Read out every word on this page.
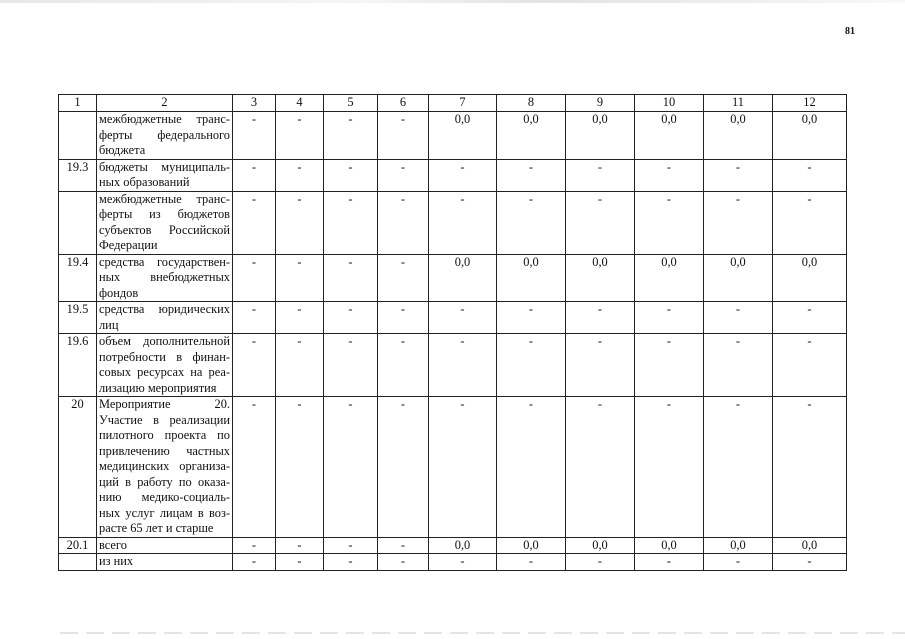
81
1	2	3	4	5	6	7	8	9	10	11	12
	межбюджетные транс-ферты федерального бюджета	-	-	-	-	0,0	0,0	0,0	0,0	0,0	0,0
19.3	бюджеты муниципаль-ных образований	-	-	-	-	-	-	-	-	-	-
	межбюджетные транс-ферты из бюджетов субъектов Российской Федерации	-	-	-	-	-	-	-	-	-	-
19.4	средства государствен-ных внебюджетных фондов	-	-	-	-	0,0	0,0	0,0	0,0	0,0	0,0
19.5	средства юридических лиц	-	-	-	-	-	-	-	-	-	-
19.6	объем дополнительной потребности в финан-совых ресурсах на реа-лизацию мероприятия	-	-	-	-	-	-	-	-	-	-
20	Мероприятие 20. Участие в реализации пилотного проекта по привлечению частных медицинских организа-ций в работу по оказа-нию медико-социаль-ных услуг лицам в воз-расте 65 лет и старше	-	-	-	-	-	-	-	-	-	-
20.1	всего	-	-	-	-	0,0	0,0	0,0	0,0	0,0	0,0
	из них	-	-	-	-	-	-	-	-	-	-
